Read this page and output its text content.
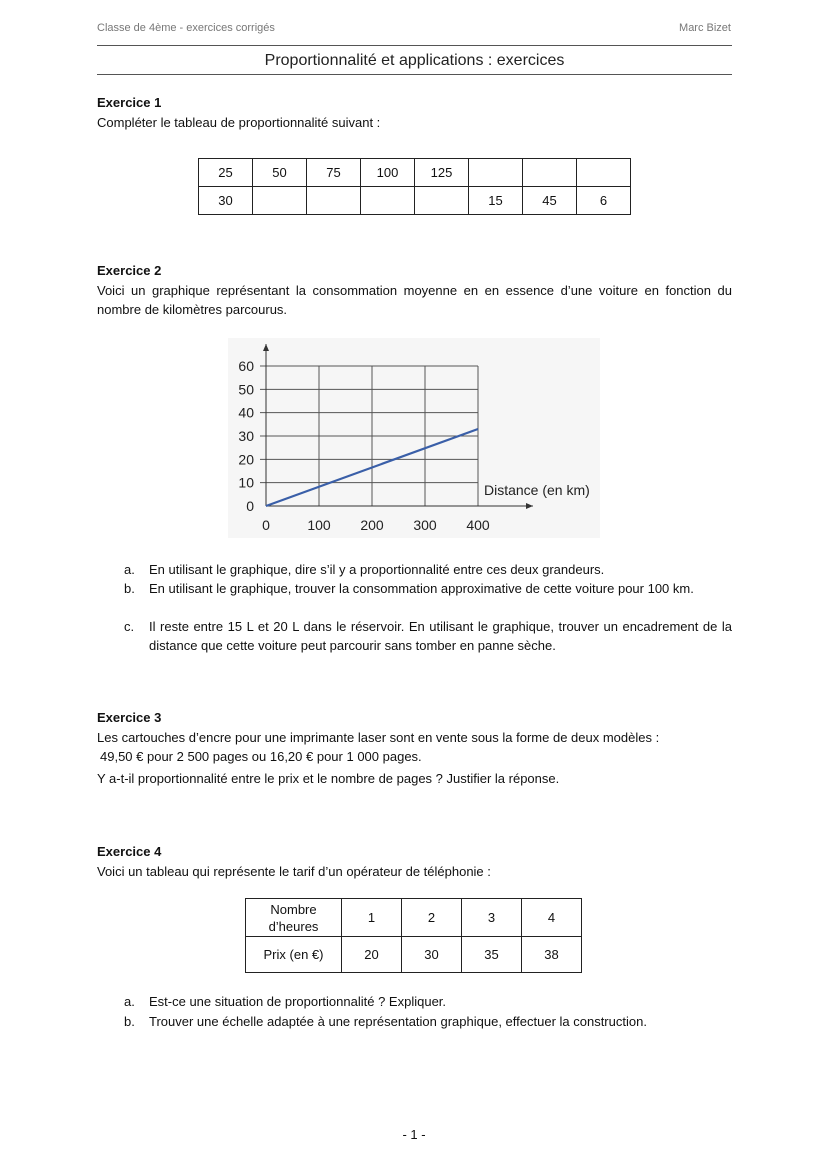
Classe de 4ème - exercices corrigés	Marc Bizet
Proportionnalité et applications : exercices
Exercice 1
Compléter le tableau de proportionnalité suivant :
25	50	75	100	125			
30					15	45	6
Exercice 2
Voici un graphique représentant la consommation moyenne en en essence d’une voiture en fonction du nombre de kilomètres parcourus.
0
10
20
30
40
50
60
0	100 200 300 400
Distance (en km)
a. En utilisant le graphique, dire s’il y a proportionnalité entre ces deux grandeurs.
b. En utilisant le graphique, trouver la consommation approximative de cette voiture pour 100 km.
c. Il reste entre 15 L et 20 L dans le réservoir. En utilisant le graphique, trouver un encadrement de la distance que cette voiture peut parcourir sans tomber en panne sèche.
Exercice 3
Les cartouches d’encre pour une imprimante laser sont en vente sous la forme de deux modèles :
49,50 € pour 2 500 pages ou 16,20 € pour 1 000 pages.
Y a-t-il proportionnalité entre le prix et le nombre de pages ? Justifier la réponse.
Exercice 4
Voici un tableau qui représente le tarif d’un opérateur de téléphonie :
Nombre d’heures	1	2	3	4
Prix (en €)	20	30	35	38
a. Est-ce une situation de proportionnalité ? Expliquer.
b. Trouver une échelle adaptée à une représentation graphique, effectuer la construction.
- 1 -
